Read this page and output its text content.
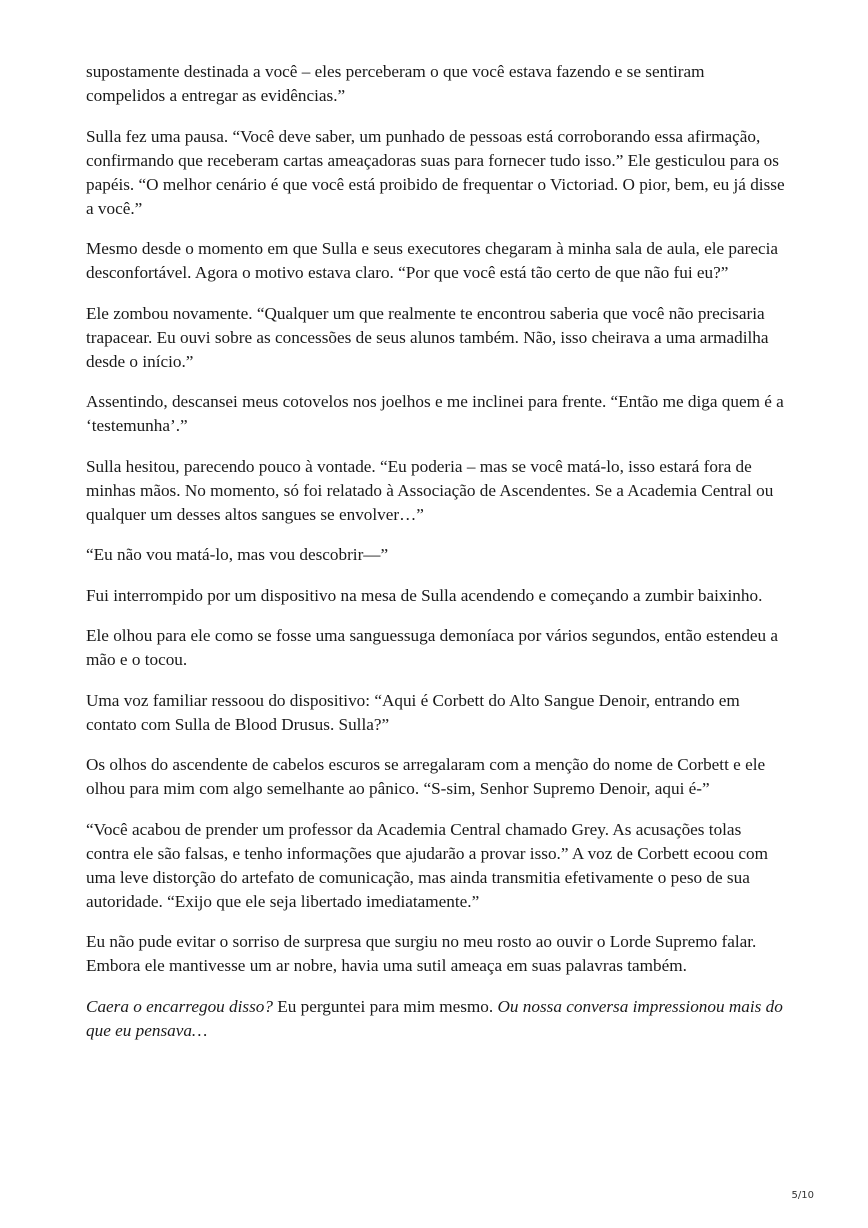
supostamente destinada a você – eles perceberam o que você estava fazendo e se sentiram compelidos a entregar as evidências.”

Sulla fez uma pausa. “Você deve saber, um punhado de pessoas está corroborando essa afirmação, confirmando que receberam cartas ameaçadoras suas para fornecer tudo isso.” Ele gesticulou para os papéis. “O melhor cenário é que você está proibido de frequentar o Victoriad. O pior, bem, eu já disse a você.”

Mesmo desde o momento em que Sulla e seus executores chegaram à minha sala de aula, ele parecia desconfortável. Agora o motivo estava claro. “Por que você está tão certo de que não fui eu?”

Ele zombou novamente. “Qualquer um que realmente te encontrou saberia que você não precisaria trapacear. Eu ouvi sobre as concessões de seus alunos também. Não, isso cheirava a uma armadilha desde o início.”

Assentindo, descansei meus cotovelos nos joelhos e me inclinei para frente. “Então me diga quem é a ‘testemunha’.”

Sulla hesitou, parecendo pouco à vontade. “Eu poderia – mas se você matá-lo, isso estará fora de minhas mãos. No momento, só foi relatado à Associação de Ascendentes. Se a Academia Central ou qualquer um desses altos sangues se envolver…”

“Eu não vou matá-lo, mas vou descobrir—”

Fui interrompido por um dispositivo na mesa de Sulla acendendo e começando a zumbir baixinho.

Ele olhou para ele como se fosse uma sanguessuga demoníaca por vários segundos, então estendeu a mão e o tocou.

Uma voz familiar ressoou do dispositivo: “Aqui é Corbett do Alto Sangue Denoir, entrando em contato com Sulla de Blood Drusus. Sulla?”

Os olhos do ascendente de cabelos escuros se arregalaram com a menção do nome de Corbett e ele olhou para mim com algo semelhante ao pânico. “S-sim, Senhor Supremo Denoir, aqui é-”

“Você acabou de prender um professor da Academia Central chamado Grey. As acusações tolas contra ele são falsas, e tenho informações que ajudarão a provar isso.” A voz de Corbett ecoou com uma leve distorção do artefato de comunicação, mas ainda transmitia efetivamente o peso de sua autoridade. “Exijo que ele seja libertado imediatamente.”

Eu não pude evitar o sorriso de surpresa que surgiu no meu rosto ao ouvir o Lorde Supremo falar. Embora ele mantivesse um ar nobre, havia uma sutil ameaça em suas palavras também.

Caera o encarregou disso? Eu perguntei para mim mesmo. Ou nossa conversa impressionou mais do que eu pensava…

5/10
